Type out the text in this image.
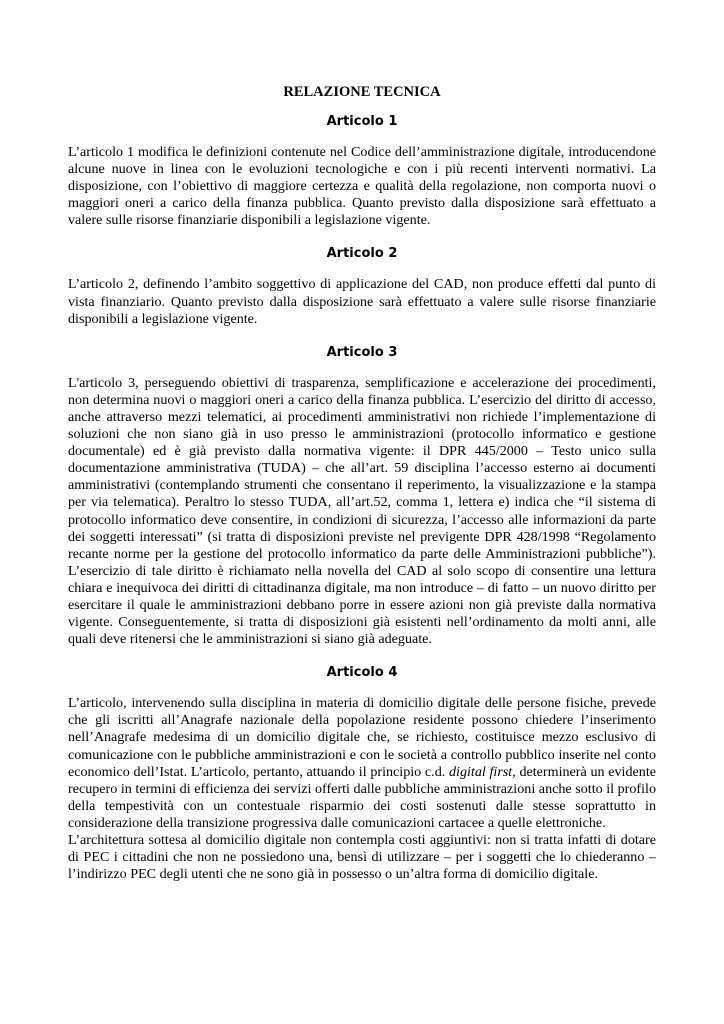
RELAZIONE TECNICA
Articolo 1

L’articolo 1 modifica le definizioni contenute nel Codice dell’amministrazione digitale, introducendone alcune nuove in linea con le evoluzioni tecnologiche e con i più recenti interventi normativi. La disposizione, con l’obiettivo di maggiore certezza e qualità della regolazione, non comporta nuovi o maggiori oneri a carico della finanza pubblica. Quanto previsto dalla disposizione sarà effettuato a valere sulle risorse finanziarie disponibili a legislazione vigente.

Articolo 2

L’articolo 2, definendo l’ambito soggettivo di applicazione del CAD, non produce effetti dal punto di vista finanziario. Quanto previsto dalla disposizione sarà effettuato a valere sulle risorse finanziarie disponibili a legislazione vigente.

Articolo 3

L'articolo 3, perseguendo obiettivi di trasparenza, semplificazione e accelerazione dei procedimenti, non determina nuovi o maggiori oneri a carico della finanza pubblica. L’esercizio del diritto di accesso, anche attraverso mezzi telematici, ai procedimenti amministrativi non richiede l’implementazione di soluzioni che non siano già in uso presso le amministrazioni (protocollo informatico e gestione documentale) ed è già previsto dalla normativa vigente: il DPR 445/2000 – Testo unico sulla documentazione amministrativa (TUDA) – che all’art. 59 disciplina l’accesso esterno ai documenti amministrativi (contemplando strumenti che consentano il reperimento, la visualizzazione e la stampa per via telematica). Peraltro lo stesso TUDA, all’art.52, comma 1, lettera e) indica che “il sistema di protocollo informatico deve consentire, in condizioni di sicurezza, l’accesso alle informazioni da parte dei soggetti interessati” (si tratta di disposizioni previste nel previgente DPR 428/1998 “Regolamento recante norme per la gestione del protocollo informatico da parte delle Amministrazioni pubbliche”). L’esercizio di tale diritto è richiamato nella novella del CAD al solo scopo di consentire una lettura chiara e inequivoca dei diritti di cittadinanza digitale, ma non introduce – di fatto – un nuovo diritto per esercitare il quale le amministrazioni debbano porre in essere azioni non già previste dalla normativa vigente. Conseguentemente, si tratta di disposizioni già esistenti nell’ordinamento da molti anni, alle quali deve ritenersi che le amministrazioni si siano già adeguate.

Articolo 4

L’articolo, intervenendo sulla disciplina in materia di domicilio digitale delle persone fisiche, prevede che gli iscritti all’Anagrafe nazionale della popolazione residente possono chiedere l’inserimento nell’Anagrafe medesima di un domicilio digitale che, se richiesto, costituisce mezzo esclusivo di comunicazione con le pubbliche amministrazioni e con le società a controllo pubblico inserite nel conto economico dell’Istat. L’articolo, pertanto, attuando il principio c.d. digital first, determinerà un evidente recupero in termini di efficienza dei servizi offerti dalle pubbliche amministrazioni anche sotto il profilo della tempestività con un contestuale risparmio dei costi sostenuti dalle stesse soprattutto in considerazione della transizione progressiva dalle comunicazioni cartacee a quelle elettroniche.

L’architettura sottesa al domicilio digitale non contempla costi aggiuntivi: non si tratta infatti di dotare di PEC i cittadini che non ne possiedono una, bensì di utilizzare – per i soggetti che lo chiederanno – l’indirizzo PEC degli utenti che ne sono già in possesso o un’altra forma di domicilio digitale.
